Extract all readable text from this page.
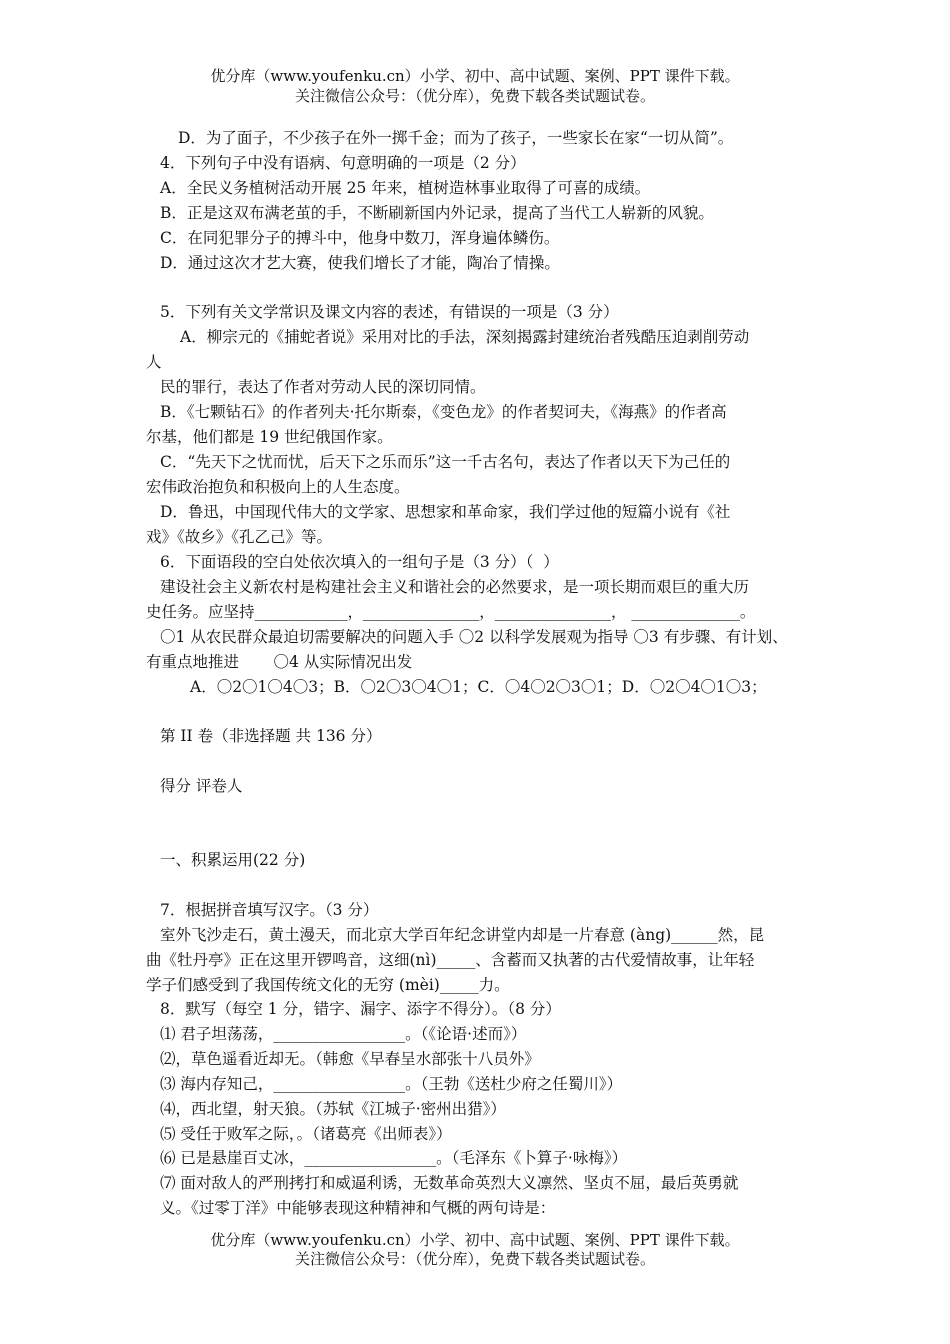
优分库（www.youfenku.cn）小学、初中、高中试题、案例、PPT 课件下载。
关注微信公众号：（优分库），免费下载各类试题试卷。
D．为了面子，不少孩子在外一掷千金；而为了孩子，一些家长在家“一切从简”。
4．下列句子中没有语病、句意明确的一项是（2 分）
A．全民义务植树活动开展 25 年来，植树造林事业取得了可喜的成绩。
B．正是这双布满老茧的手，不断刷新国内外记录，提高了当代工人崭新的风貌。
C．在同犯罪分子的搏斗中，他身中数刀，浑身遍体鳞伤。
D．通过这次才艺大赛，使我们增长了才能，陶冶了情操。
5．下列有关文学常识及课文内容的表述，有错误的一项是（3 分）
A．柳宗元的《捕蛇者说》采用对比的手法，深刻揭露封建统治者残酷压迫剥削劳动
人
民的罪行，表达了作者对劳动人民的深切同情。
B．《七颗钻石》的作者列夫·托尔斯泰，《变色龙》的作者契诃夫，《海燕》的作者高
尔基，他们都是 19 世纪俄国作家。
C．“先天下之忧而忧，后天下之乐而乐”这一千古名句，表达了作者以天下为己任的
宏伟政治抱负和积极向上的人生态度。
D．鲁迅，中国现代伟大的文学家、思想家和革命家，我们学过他的短篇小说有《社
戏》《故乡》《孔乙己》等。
6．下面语段的空白处依次填入的一组句子是（3 分）（  ）
建设社会主义新农村是构建社会主义和谐社会的必然要求，是一项长期而艰巨的重大历
史任务。应坚持____________，_______________，_______________， ______________。
〇1 从农民群众最迫切需要解决的问题入手 〇2 以科学发展观为指导 〇3 有步骤、有计划、
有重点地推进       〇4 从实际情况出发
A．〇2〇1〇4〇3；B．〇2〇3〇4〇1；C．〇4〇2〇3〇1；D．〇2〇4〇1〇3；
第 II 卷（非选择题 共 136 分）
得分 评卷人
一、积累运用(22 分)
7．根据拼音填写汉字。（3 分）
室外飞沙走石，黄土漫天，而北京大学百年纪念讲堂内却是一片春意 (àng)______然，昆
曲《牡丹亭》正在这里开锣鸣音，这细(nì)_____、含蓄而又执著的古代爱情故事，让年轻
学子们感受到了我国传统文化的无穷 (mèi)_____力。
8．默写（每空 1 分，错字、漏字、添字不得分）。（8 分）
⑴ 君子坦荡荡，_________________。（《论语·述而》）
⑵，草色遥看近却无。（韩愈《早春呈水部张十八员外》
⑶ 海内存知己，_________________。（王勃《送杜少府之任蜀川》）
⑷，西北望，射天狼。（苏轼《江城子·密州出猎》）
⑸ 受任于败军之际，。（诸葛亮《出师表》）
⑹ 已是悬崖百丈冰，_________________。（毛泽东《卜算子·咏梅》）
⑺ 面对敌人的严刑拷打和威逼利诱，无数革命英烈大义凛然、坚贞不屈，最后英勇就
义。《过零丁洋》中能够表现这种精神和气概的两句诗是：
优分库（www.youfenku.cn）小学、初中、高中试题、案例、PPT 课件下载。
关注微信公众号：（优分库），免费下载各类试题试卷。
